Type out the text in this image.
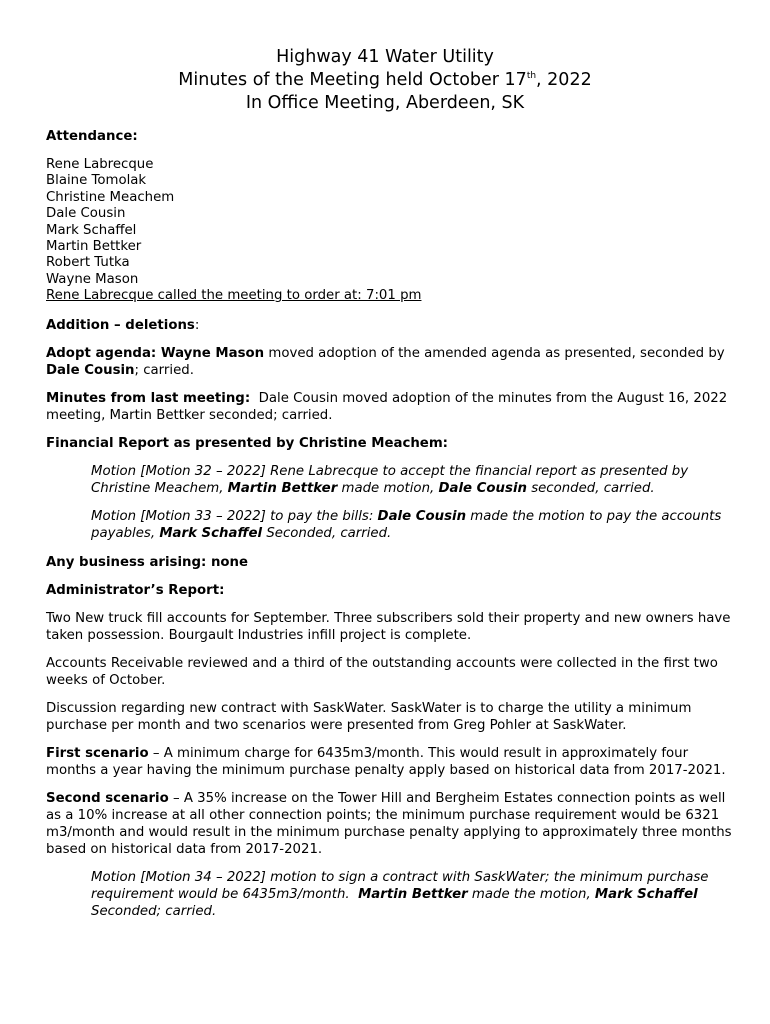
Highway 41 Water Utility
Minutes of the Meeting held October 17th, 2022
In Office Meeting, Aberdeen, SK

Attendance:

Rene Labrecque
Blaine Tomolak
Christine Meachem
Dale Cousin
Mark Schaffel
Martin Bettker
Robert Tutka
Wayne Mason
Rene Labrecque called the meeting to order at: 7:01 pm

Addition – deletions:

Adopt agenda: Wayne Mason moved adoption of the amended agenda as presented, seconded by Dale Cousin; carried.

Minutes from last meeting:  Dale Cousin moved adoption of the minutes from the August 16, 2022 meeting, Martin Bettker seconded; carried.

Financial Report as presented by Christine Meachem:

Motion [Motion 32 – 2022] Rene Labrecque to accept the financial report as presented by Christine Meachem, Martin Bettker made motion, Dale Cousin seconded, carried.

Motion [Motion 33 – 2022] to pay the bills: Dale Cousin made the motion to pay the accounts payables, Mark Schaffel Seconded, carried.

Any business arising: none

Administrator’s Report:

Two New truck fill accounts for September. Three subscribers sold their property and new owners have taken possession. Bourgault Industries infill project is complete.

Accounts Receivable reviewed and a third of the outstanding accounts were collected in the first two weeks of October.

Discussion regarding new contract with SaskWater. SaskWater is to charge the utility a minimum purchase per month and two scenarios were presented from Greg Pohler at SaskWater.

First scenario – A minimum charge for 6435m3/month. This would result in approximately four months a year having the minimum purchase penalty apply based on historical data from 2017-2021.

Second scenario – A 35% increase on the Tower Hill and Bergheim Estates connection points as well as a 10% increase at all other connection points; the minimum purchase requirement would be 6321 m3/month and would result in the minimum purchase penalty applying to approximately three months based on historical data from 2017-2021.

Motion [Motion 34 – 2022] motion to sign a contract with SaskWater; the minimum purchase requirement would be 6435m3/month.  Martin Bettker made the motion, Mark Schaffel Seconded; carried.
